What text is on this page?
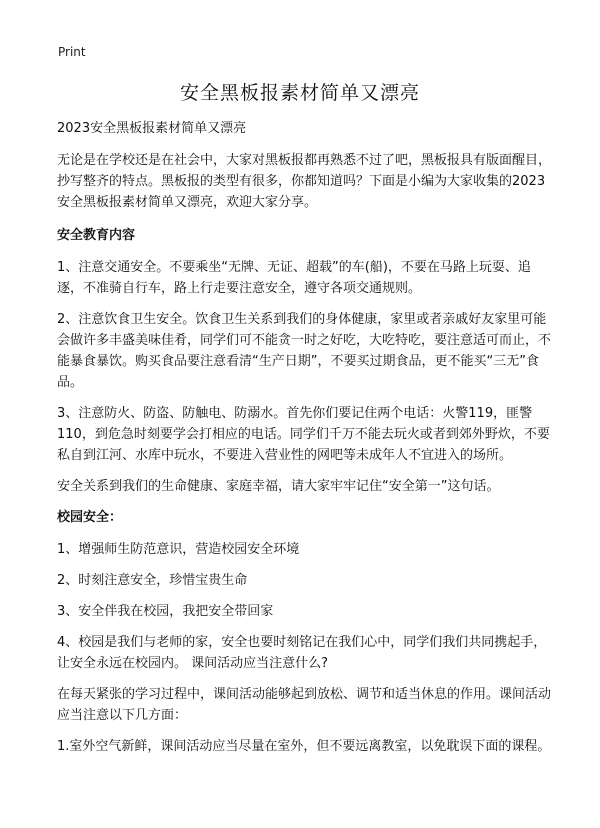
Print
安全黑板报素材简单又漂亮

2023安全黑板报素材简单又漂亮

无论是在学校还是在社会中，大家对黑板报都再熟悉不过了吧，黑板报具有版面醒目，抄写整齐的特点。黑板报的类型有很多，你都知道吗？下面是小编为大家收集的2023安全黑板报素材简单又漂亮，欢迎大家分享。

安全教育内容

1、注意交通安全。不要乘坐“无牌、无证、超载”的车(船)，不要在马路上玩耍、追逐，不准骑自行车，路上行走要注意安全，遵守各项交通规则。

2、注意饮食卫生安全。饮食卫生关系到我们的身体健康，家里或者亲戚好友家里可能会做许多丰盛美味佳肴，同学们可不能贪一时之好吃，大吃特吃，要注意适可而止，不能暴食暴饮。购买食品要注意看清“生产日期”，不要买过期食品，更不能买“三无”食品。

3、注意防火、防盗、防触电、防溺水。首先你们要记住两个电话：火警119，匪警110，到危急时刻要学会打相应的电话。同学们千万不能去玩火或者到郊外野炊，不要私自到江河、水库中玩水，不要进入营业性的网吧等未成年人不宜进入的场所。

安全关系到我们的生命健康、家庭幸福，请大家牢牢记住“安全第一”这句话。

校园安全：

1、增强师生防范意识，营造校园安全环境

2、时刻注意安全，珍惜宝贵生命

3、安全伴我在校园，我把安全带回家

4、校园是我们与老师的家，安全也要时刻铭记在我们心中，同学们我们共同携起手，让安全永远在校园内。 课间活动应当注意什么?

在每天紧张的学习过程中，课间活动能够起到放松、调节和适当休息的作用。课间活动应当注意以下几方面：

1.室外空气新鲜，课间活动应当尽量在室外，但不要远离教室，以免耽误下面的课程。
